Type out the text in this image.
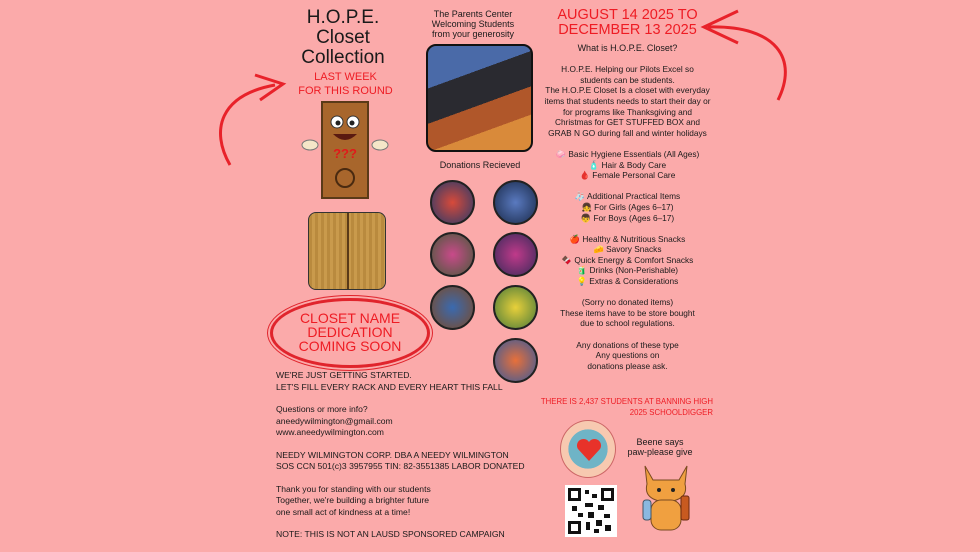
H.O.P.E.
Closet
Collection
LAST WEEK
FOR THIS ROUND
???
CLOSET NAME
DEDICATION
COMING SOON

WE'RE JUST GETTING STARTED.
LET'S FILL EVERY RACK AND EVERY HEART THIS FALL

Questions or more info?
aneedywilmington@gmail.com
www.aneedywilmington.com

NEEDY WILMINGTON CORP. DBA A NEEDY WILMINGTON
SOS CCN 501(c)3 3957955 TIN: 82-3551385 LABOR DONATED

Thank you for standing with our students
Together, we're building a brighter future
one small act of kindness at a time!

NOTE: THIS IS NOT AN LAUSD SPONSORED CAMPAIGN

The Parents Center
Welcoming Students
from your generosity
Donations Recieved
AUGUST 14 2025 TO
DECEMBER 13 2025

What is H.O.P.E. Closet?

H.O.P.E. Helping our Pilots Excel so
students can be students.
The H.O.P.E Closet Is a closet with everyday
items that students needs to start their day or
for programs like Thanksgiving and
Christmas for GET STUFFED BOX and
GRAB N GO during fall and winter holidays

🧼 Basic Hygiene Essentials (All Ages)
🧴 Hair & Body Care
🩸 Female Personal Care

🧦 Additional Practical Items
👧 For Girls (Ages 6–17)
👦 For Boys (Ages 6–17)

🍎 Healthy & Nutritious Snacks
🧀 Savory Snacks
🍫 Quick Energy & Comfort Snacks
🧃 Drinks (Non-Perishable)
💡 Extras & Considerations

(Sorry no donated items)
These items have to be store bought
due to school regulations.

Any donations of these type
Any questions on
donations please ask.

THERE IS 2,437 STUDENTS AT BANNING HIGH
2025 SCHOOLDIGGER
Beene says
paw-please give
